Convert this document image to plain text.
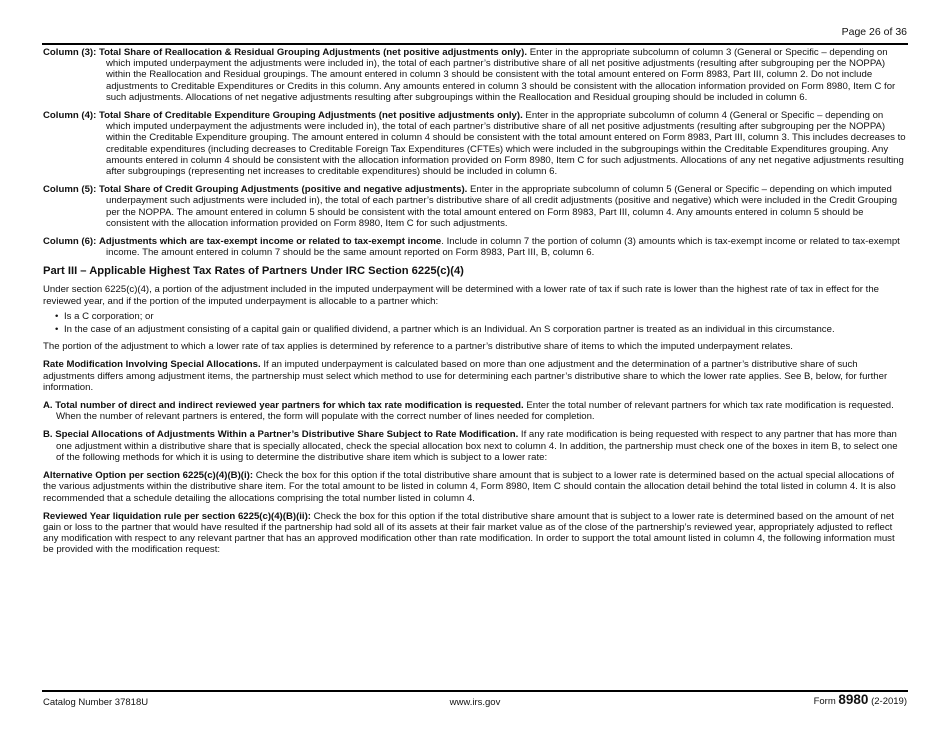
Page 26 of 36

Column (3): Total Share of Reallocation & Residual Grouping Adjustments (net positive adjustments only). Enter in the appropriate subcolumn of column 3 (General or Specific – depending on which imputed underpayment the adjustments were included in), the total of each partner’s distributive share of all net positive adjustments (resulting after subgrouping per the NOPPA) within the Reallocation and Residual groupings. The amount entered in column 3 should be consistent with the total amount entered on Form 8983, Part III, column 2. Do not include adjustments to Creditable Expenditures or Credits in this column. Any amounts entered in column 3 should be consistent with the allocation information provided on Form 8980, Item C for such adjustments. Allocations of net negative adjustments resulting after subgroupings within the Reallocation and Residual grouping should be included in column 6.

Column (4): Total Share of Creditable Expenditure Grouping Adjustments (net positive adjustments only). Enter in the appropriate subcolumn of column 4 (General or Specific – depending on which imputed underpayment the adjustments were included in), the total of each partner’s distributive share of all net positive adjustments (resulting after subgrouping per the NOPPA) within the Creditable Expenditure grouping. The amount entered in column 4 should be consistent with the total amount entered on Form 8983, Part III, column 3. This includes decreases to creditable expenditures (including decreases to Creditable Foreign Tax Expenditures (CFTEs) which were included in the subgroupings within the Creditable Expenditures grouping. Any amounts entered in column 4 should be consistent with the allocation information provided on Form 8980, Item C for such adjustments. Allocations of any net negative adjustments resulting after subgroupings (representing net increases to creditable expenditures) should be included in column 6.

Column (5): Total Share of Credit Grouping Adjustments (positive and negative adjustments). Enter in the appropriate subcolumn of column 5 (General or Specific – depending on which imputed underpayment such adjustments were included in), the total of each partner’s distributive share of all credit adjustments (positive and negative) which were included in the Credit Grouping per the NOPPA. The amount entered in column 5 should be consistent with the total amount entered on Form 8983, Part III, column 4. Any amounts entered in column 5 should be consistent with the allocation information provided on Form 8980, Item C for such adjustments.

Column (6): Adjustments which are tax-exempt income or related to tax-exempt income. Include in column 7 the portion of column (3) amounts which is tax-exempt income or related to tax-exempt income. The amount entered in column 7 should be the same amount reported on Form 8983, Part III, B, column 6.

Part III – Applicable Highest Tax Rates of Partners Under IRC Section 6225(c)(4)

Under section 6225(c)(4), a portion of the adjustment included in the imputed underpayment will be determined with a lower rate of tax if such rate is lower than the highest rate of tax in effect for the reviewed year, and if the portion of the imputed underpayment is allocable to a partner which:

• Is a C corporation; or
• In the case of an adjustment consisting of a capital gain or qualified dividend, a partner which is an Individual. An S corporation partner is treated as an individual in this circumstance.

The portion of the adjustment to which a lower rate of tax applies is determined by reference to a partner’s distributive share of items to which the imputed underpayment relates.

Rate Modification Involving Special Allocations. If an imputed underpayment is calculated based on more than one adjustment and the determination of a partner’s distributive share of such adjustments differs among adjustment items, the partnership must select which method to use for determining each partner’s distributive share to which the lower rate applies. See B, below, for further information.

A. Total number of direct and indirect reviewed year partners for which tax rate modification is requested. Enter the total number of relevant partners for which tax rate modification is requested. When the number of relevant partners is entered, the form will populate with the correct number of lines needed for completion.

B. Special Allocations of Adjustments Within a Partner’s Distributive Share Subject to Rate Modification. If any rate modification is being requested with respect to any partner that has more than one adjustment within a distributive share that is specially allocated, check the special allocation box next to column 4. In addition, the partnership must check one of the boxes in item B, to select one of the following methods for which it is using to determine the distributive share item which is subject to a lower rate:

Alternative Option per section 6225(c)(4)(B)(i): Check the box for this option if the total distributive share amount that is subject to a lower rate is determined based on the actual special allocations of the various adjustments within the distributive share item. For the total amount to be listed in column 4, Form 8980, Item C should contain the allocation detail behind the total listed in column 4. It is also recommended that a schedule detailing the allocations comprising the total number listed in column 4.

Reviewed Year liquidation rule per section 6225(c)(4)(B)(ii): Check the box for this option if the total distributive share amount that is subject to a lower rate is determined based on the amount of net gain or loss to the partner that would have resulted if the partnership had sold all of its assets at their fair market value as of the close of the partnership’s reviewed year, appropriately adjusted to reflect any modification with respect to any relevant partner that has an approved modification other than rate modification. In order to support the total amount listed in column 4, the following information must be provided with the modification request:

Catalog Number 37818U	www.irs.gov	Form 8980 (2-2019)
